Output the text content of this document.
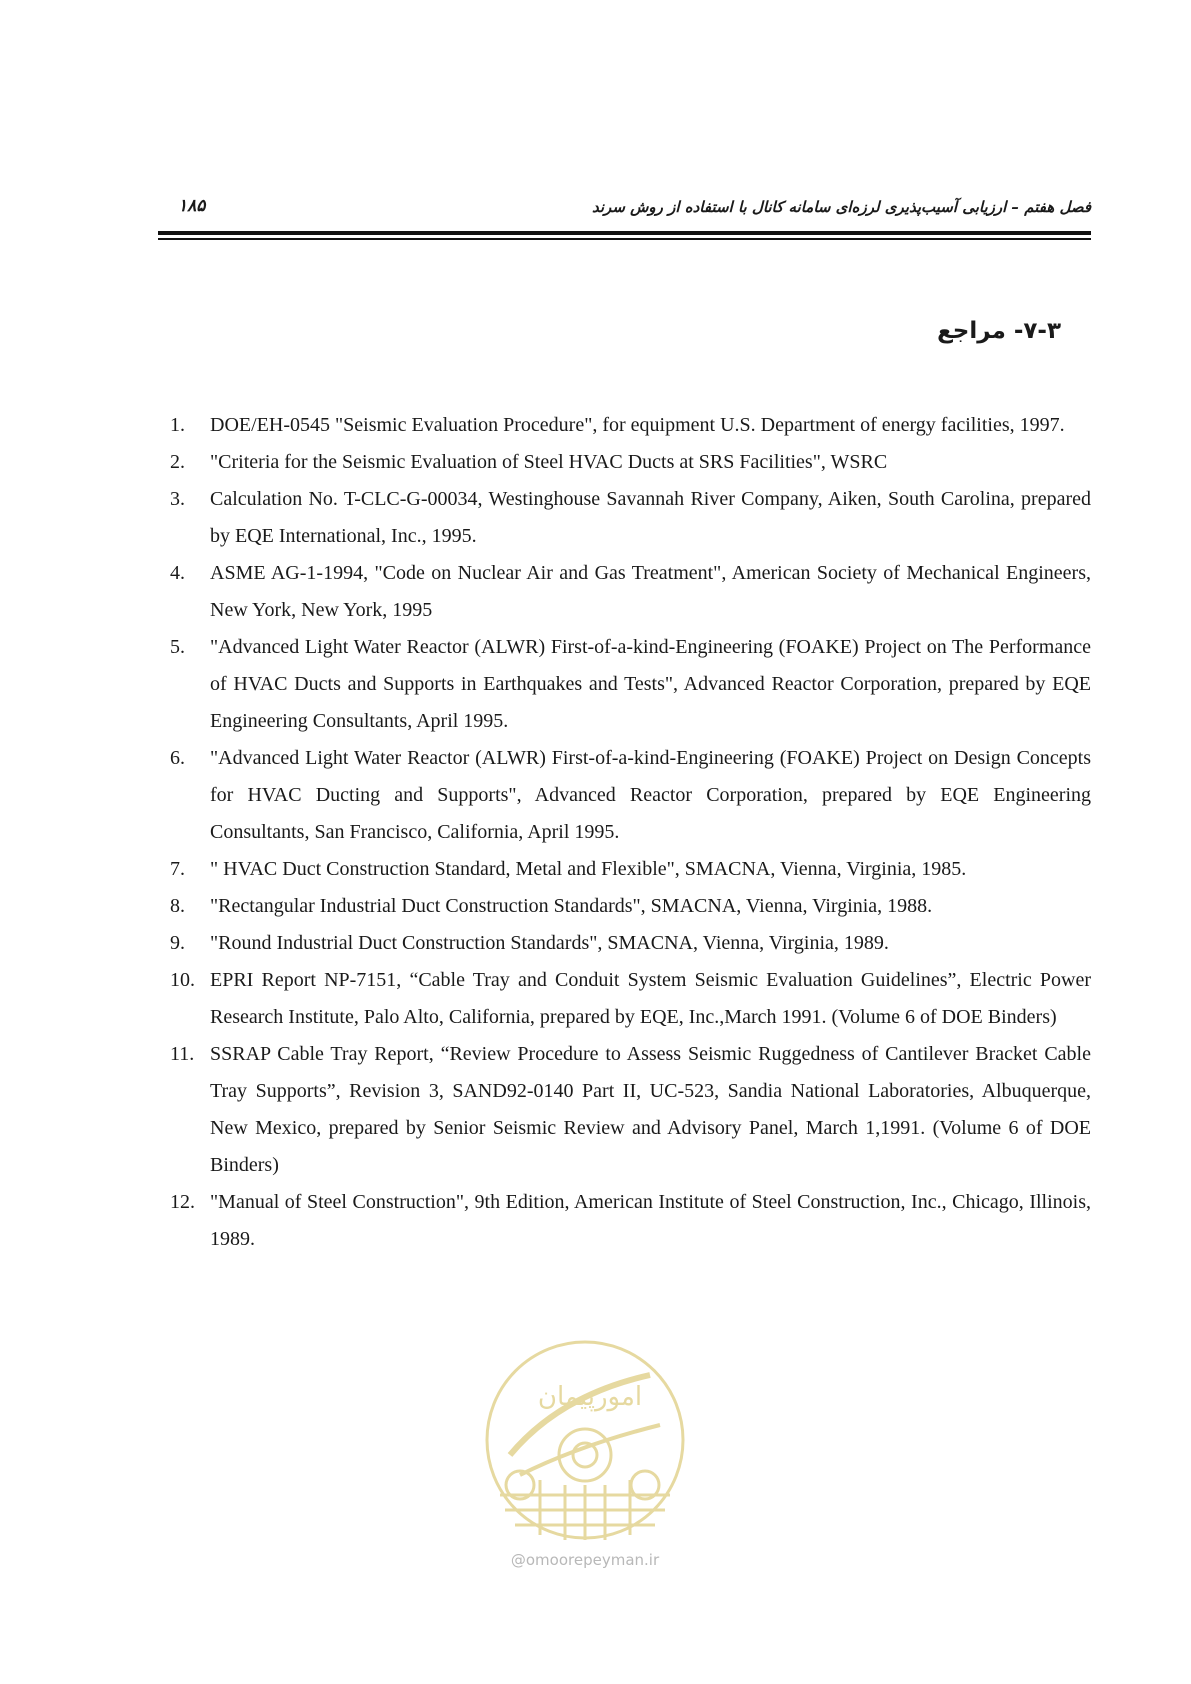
۱۸۵	فصل هفتم – ارزیابی آسیب‌پذیری لرزه‌ای سامانه کانال با استفاده از روش سرند
۷-۳- مراجع
1. DOE/EH-0545 "Seismic Evaluation Procedure", for equipment U.S. Department of energy facilities, 1997.
2. "Criteria for the Seismic Evaluation of Steel HVAC Ducts at SRS Facilities", WSRC
3. Calculation No. T-CLC-G-00034, Westinghouse Savannah River Company, Aiken, South Carolina, prepared by EQE International, Inc., 1995.
4. ASME AG-1-1994, "Code on Nuclear Air and Gas Treatment", American Society of Mechanical Engineers, New York, New York, 1995
5. "Advanced Light Water Reactor (ALWR) First-of-a-kind-Engineering (FOAKE) Project on The Performance of HVAC Ducts and Supports in Earthquakes and Tests", Advanced Reactor Corporation, prepared by EQE Engineering Consultants, April 1995.
6. "Advanced Light Water Reactor (ALWR) First-of-a-kind-Engineering (FOAKE) Project on Design Concepts for HVAC Ducting and Supports", Advanced Reactor Corporation, prepared by EQE Engineering Consultants, San Francisco, California, April 1995.
7. " HVAC Duct Construction Standard, Metal and Flexible", SMACNA, Vienna, Virginia, 1985.
8. "Rectangular Industrial Duct Construction Standards", SMACNA, Vienna, Virginia, 1988.
9. "Round Industrial Duct Construction Standards", SMACNA, Vienna, Virginia, 1989.
10. EPRI Report NP-7151, “Cable Tray and Conduit System Seismic Evaluation Guidelines”, Electric Power Research Institute, Palo Alto, California, prepared by EQE, Inc.,March 1991. (Volume 6 of DOE Binders)
11. SSRAP Cable Tray Report, “Review Procedure to Assess Seismic Ruggedness of Cantilever Bracket Cable Tray Supports”, Revision 3, SAND92-0140 Part II, UC-523, Sandia National Laboratories, Albuquerque, New Mexico, prepared by Senior Seismic Review and Advisory Panel, March 1,1991. (Volume 6 of DOE Binders)
12. "Manual of Steel Construction", 9th Edition, American Institute of Steel Construction, Inc., Chicago, Illinois, 1989.
امورپیمان
@omoorepeyman.ir
